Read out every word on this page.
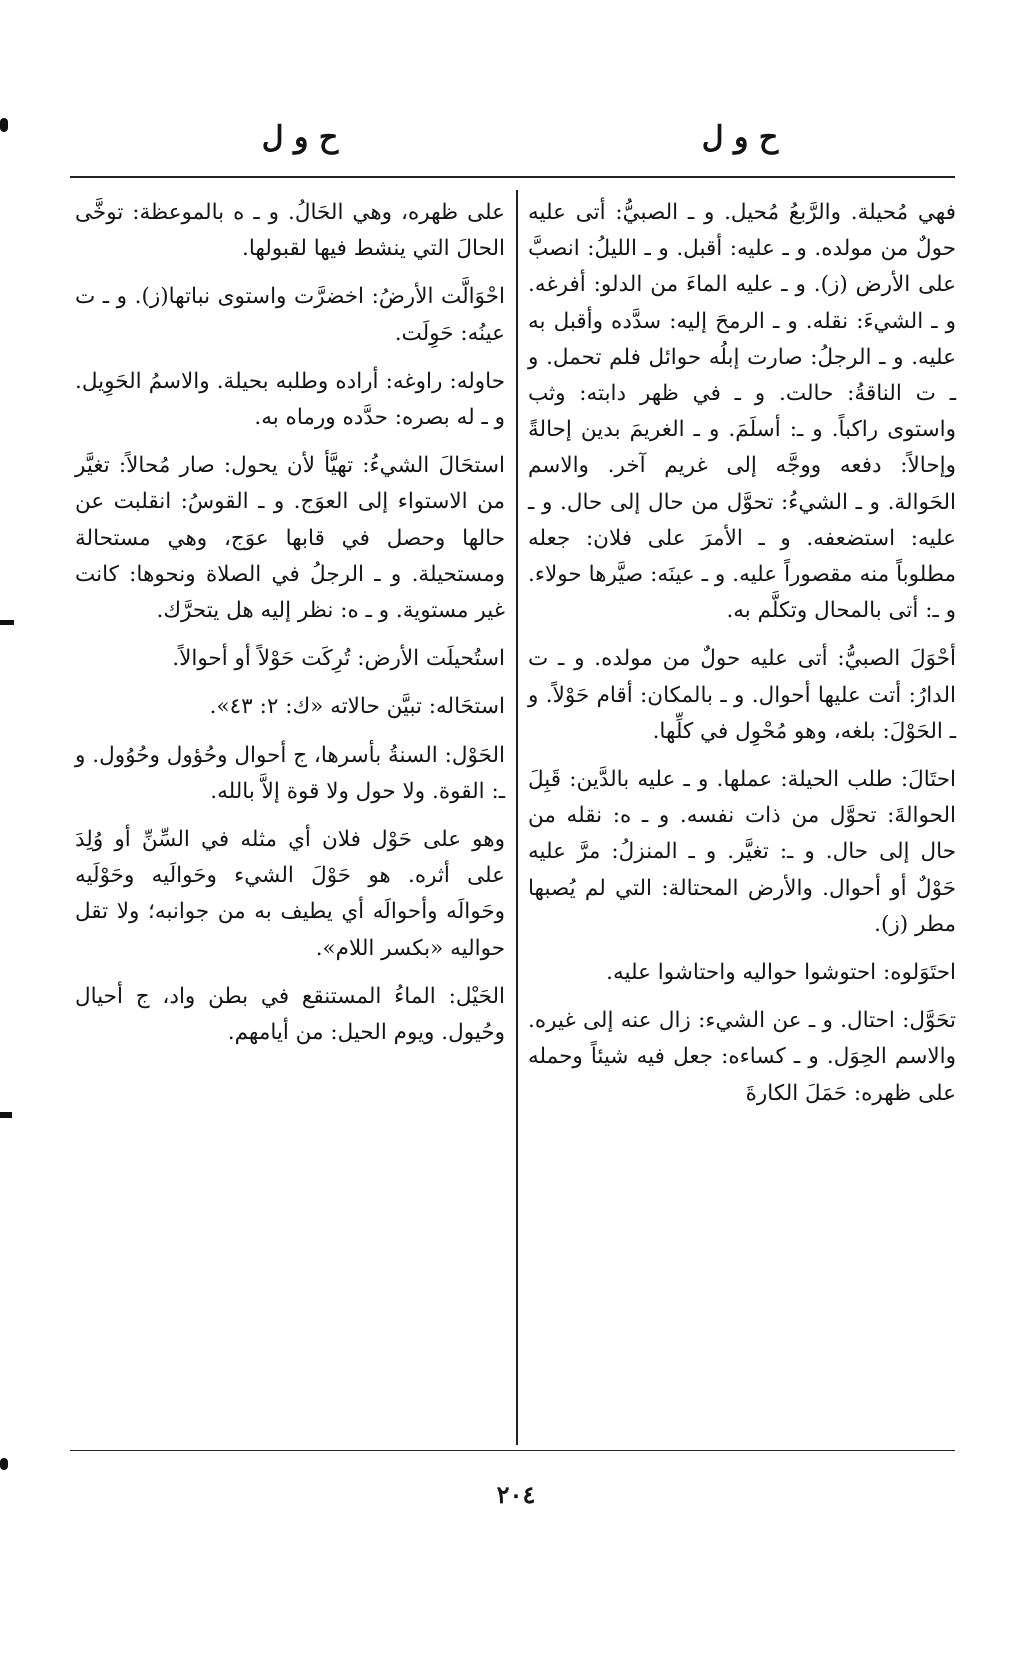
ح و ل
ح و ل

فهي مُحيلة. والرَّبعُ مُحيل. و ـ الصبيُّ: أتى عليه حولٌ من مولده. و ـ عليه: أقبل. و ـ الليلُ: انصبَّ على الأرض (ز). و ـ عليه الماءَ من الدلو: أفرغه. و ـ الشيءَ: نقله. و ـ الرمحَ إليه: سدَّده وأقبل به عليه. و ـ الرجلُ: صارت إبلُه حوائل فلم تحمل. و ـ ت الناقةُ: حالت. و ـ في ظهر دابته: وثب واستوى راكباً. و ـ: أسلَمَ. و ـ الغريمَ بدين إحالةً وإحالاً: دفعه ووجَّه إلى غريم آخر. والاسم الحَوالة. و ـ الشيءُ: تحوَّل من حال إلى حال. و ـ عليه: استضعفه. و ـ الأمرَ على فلان: جعله مطلوباً منه مقصوراً عليه. و ـ عينَه: صيَّرها حولاء. و ـ: أتى بالمحال وتكلَّم به.

أحْوَلَ الصبيُّ: أتى عليه حولٌ من مولده. و ـ ت الدارُ: أتت عليها أحوال. و ـ بالمكان: أقام حَوْلاً. و ـ الحَوْلَ: بلغه، وهو مُحْوِل في كلِّها.

احتَالَ: طلب الحيلة: عملها. و ـ عليه بالدَّين: قَبِلَ الحوالةَ: تحوَّل من ذات نفسه. و ـ ه: نقله من حال إلى حال. و ـ: تغيَّر. و ـ المنزلُ: مرَّ عليه حَوْلٌ أو أحوال. والأرض المحتالة: التي لم يُصبها مطر (ز).

احتَوَلوه: احتوشوا حواليه واحتاشوا عليه.

تحَوَّل: احتال. و ـ عن الشيء: زال عنه إلى غيره. والاسم الحِوَل. و ـ كساءه: جعل فيه شيئاً وحمله على ظهره: حَمَلَ الكارةَ

على ظهره، وهي الحَالُ. و ـ ه بالموعظة: توخَّى الحالَ التي ينشط فيها لقبولها.

احْوَالَّت الأرضُ: اخضرَّت واستوى نباتها(ز). و ـ ت عينُه: حَوِلَت.

حاوله: راوغه: أراده وطلبه بحيلة. والاسمُ الحَوِيل. و ـ له بصره: حدَّده ورماه به.

استحَالَ الشيءُ: تهيَّأ لأن يحول: صار مُحالاً: تغيَّر من الاستواء إلى العوَج. و ـ القوسُ: انقلبت عن حالها وحصل في قابها عوَج، وهي مستحالة ومستحيلة. و ـ الرجلُ في الصلاة ونحوها: كانت غير مستوية. و ـ ه: نظر إليه هل يتحرَّك.

استُحيلَت الأرض: تُرِكَت حَوْلاً أو أحوالاً.

استحَاله: تبيَّن حالاته «ك: ٢: ٤٣».

الحَوْل: السنةُ بأسرها، ج أحوال وحُؤول وحُوُول. و ـ: القوة. ولا حول ولا قوة إلاَّ بالله.

وهو على حَوْل فلان أي مثله في السِّنِّ أو وُلِدَ على أثره. هو حَوْلَ الشيء وحَوالَيه وحَوْلَيه وحَوالَه وأحوالَه أي يطيف به من جوانبه؛ ولا تقل حواليه «بكسر اللام».

الحَيْل: الماءُ المستنقع في بطن واد، ج أحيال وحُيول. ويوم الحيل: من أيامهم.

٢٠٤
